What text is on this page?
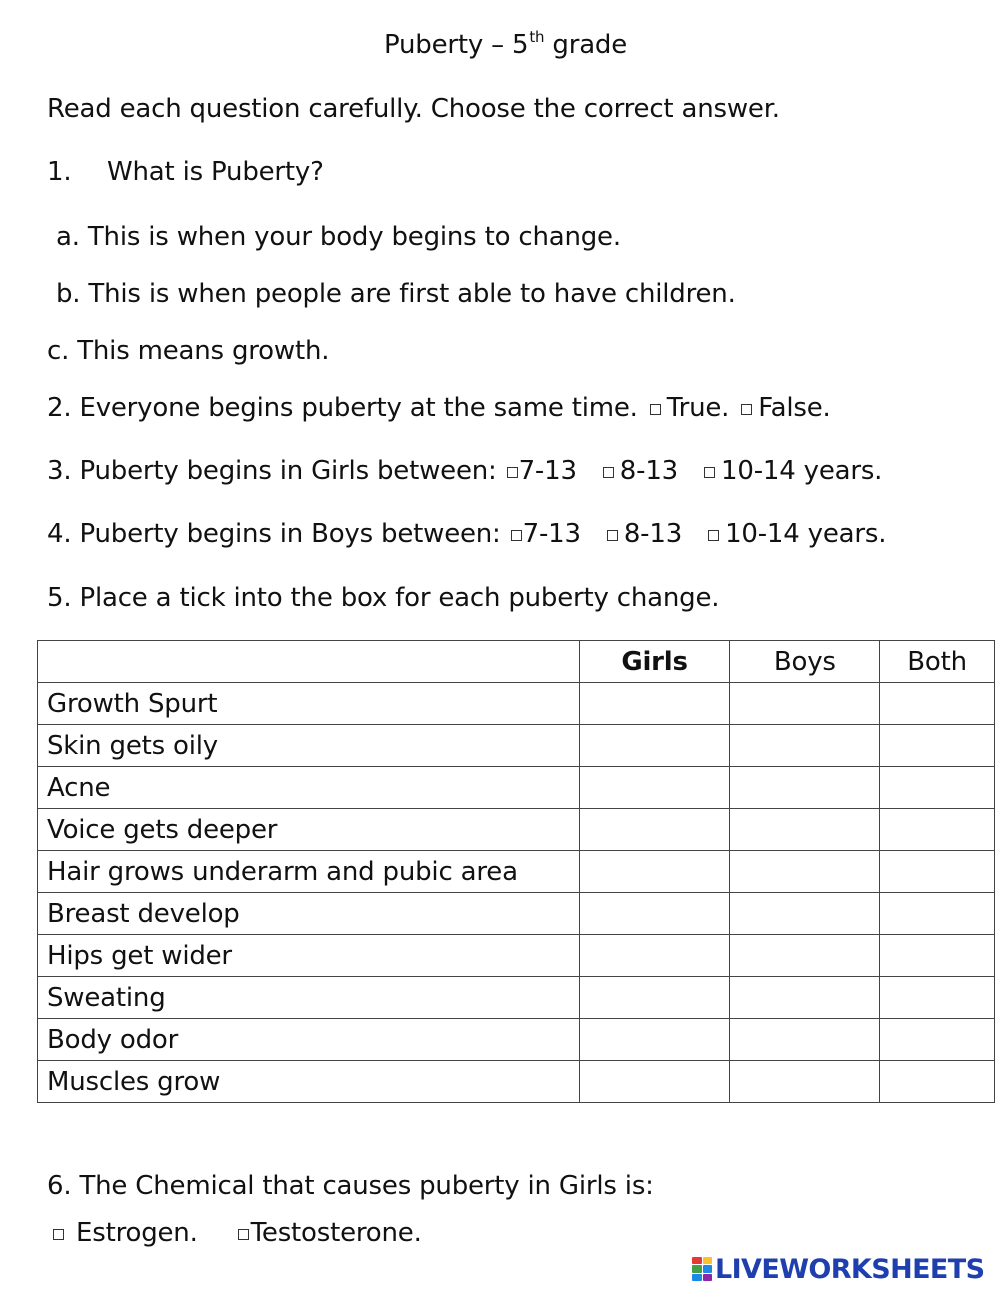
Puberty – 5th grade
Read each question carefully. Choose the correct answer.
1. What is Puberty?
a. This is when your body begins to change.
b. This is when people are first able to have children.
c. This means growth.
2. Everyone begins puberty at the same time. True. False.
3. Puberty begins in Girls between: 7-13 8-13 10-14 years.
4. Puberty begins in Boys between: 7-13 8-13 10-14 years.
5. Place a tick into the box for each puberty change.
	Girls	Boys	Both
Growth Spurt			
Skin gets oily			
Acne			
Voice gets deeper			
Hair grows underarm and pubic area			
Breast develop			
Hips get wider			
Sweating			
Body odor			
Muscles grow			
6. The Chemical that causes puberty in Girls is:
Estrogen. Testosterone.
LIVEWORKSHEETS
